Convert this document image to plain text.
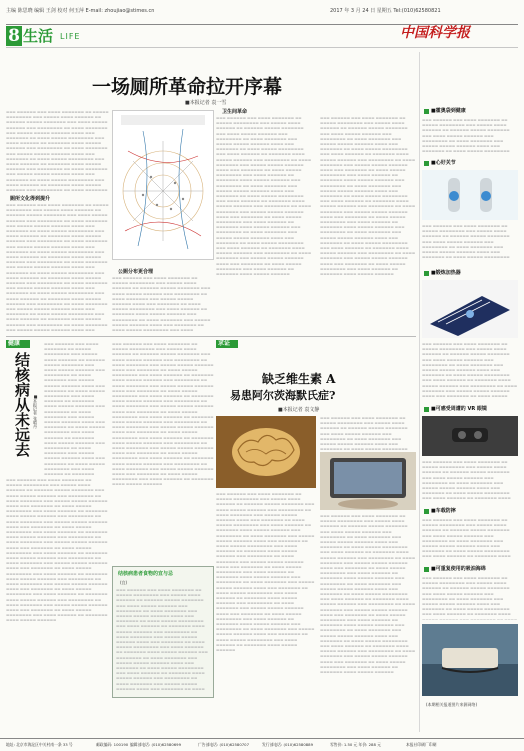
主编 陈思晓 编辑 王剑 校对 何玉萍 E-mail: zhoujiao@stimes.cn	2017 年 3 月 24 日 星期五 Tel:(010)62580821
8 生活 LIFE	中国科学报
一场厕所革命拉开序幕
■本报记者 袁一雪
▬▬▬ ▬▬▬▬▬▬ ▬▬▬ ▬▬▬▬ ▬▬▬▬▬▬▬ ▬▬ ▬▬▬▬▬ ▬▬▬▬▬▬▬▬ ▬▬▬ ▬▬▬▬▬ ▬▬▬▬ ▬▬▬▬▬▬ ▬▬ ▬▬▬▬▬▬ ▬▬▬▬▬ ▬▬▬▬▬▬▬ ▬▬▬ ▬▬▬▬ ▬▬▬▬▬ ▬▬▬▬▬▬ ▬▬▬ ▬▬▬▬▬▬▬▬ ▬▬ ▬▬▬▬ ▬▬▬▬▬▬▬ ▬▬▬ ▬▬▬▬▬ ▬▬▬▬▬ ▬▬▬▬▬▬ ▬▬▬▬ ▬▬▬ ▬▬▬▬▬▬▬ ▬▬ ▬▬▬▬ ▬▬▬▬▬ ▬▬▬▬▬▬▬▬ ▬▬▬ ▬▬▬▬ ▬▬▬▬▬▬ ▬▬ ▬▬▬▬▬▬▬ ▬▬▬▬ ▬▬▬▬▬ ▬▬▬▬▬▬ ▬▬▬ ▬▬▬▬▬▬▬▬ ▬▬ ▬▬▬▬ ▬▬▬▬▬▬▬ ▬▬▬ ▬▬▬▬▬ ▬▬▬▬▬ ▬▬▬▬▬▬ ▬▬▬▬ ▬▬▬ ▬▬▬▬▬▬▬ ▬▬ ▬▬▬▬ ▬▬▬▬▬ ▬▬▬▬▬▬▬▬ ▬▬▬ ▬▬▬▬ ▬▬▬▬▬▬ ▬▬ ▬▬▬▬▬▬▬ ▬▬▬▬ ▬▬▬▬▬ ▬▬▬▬▬▬ ▬▬▬ ▬▬▬▬▬▬▬▬ ▬▬ ▬▬▬▬ ▬▬▬▬▬▬▬ ▬▬▬ ▬▬▬▬▬ ▬▬▬▬▬ ▬▬▬▬▬▬ ▬▬▬▬ ▬▬▬ ▬▬▬▬▬▬▬ ▬▬ ▬▬▬▬ ▬▬▬▬▬ ▬▬▬▬▬▬▬▬ ▬▬▬ ▬▬▬▬ ▬▬▬▬▬▬ ▬▬ ▬▬▬▬▬▬▬ ▬▬▬▬ ▬▬▬▬▬ ▬▬▬▬▬▬ ▬▬▬ ▬▬▬▬▬▬▬▬ ▬▬ ▬▬▬▬ ▬▬▬▬▬▬▬ ▬▬▬ ▬▬▬▬▬ ▬▬▬▬▬ ▬▬▬▬▬▬ ▬▬▬▬ ▬▬▬ ▬▬▬▬▬▬▬ ▬▬ ▬▬▬▬ ▬▬▬▬▬ ▬▬▬▬▬▬▬▬ ▬▬▬ ▬▬▬▬ ▬▬▬▬▬▬ ▬▬ ▬▬▬▬▬▬▬ ▬▬▬▬ ▬▬▬▬▬ ▬▬▬▬▬▬ ▬▬▬ ▬▬▬▬▬▬▬▬ ▬▬ ▬▬▬▬ ▬▬▬▬▬▬▬ ▬▬▬ ▬▬▬▬▬ ▬▬▬▬▬ ▬▬▬▬▬▬ ▬▬▬▬ ▬▬▬ ▬▬▬▬▬▬▬ ▬▬ ▬▬▬▬ ▬▬▬▬▬ ▬▬▬▬▬▬▬▬ ▬▬▬ ▬▬▬▬ ▬▬▬▬▬▬ ▬▬ ▬▬▬▬▬▬▬ ▬▬▬▬ ▬▬▬▬▬ ▬▬▬▬▬▬ ▬▬▬ ▬▬▬▬▬▬▬▬ ▬▬ ▬▬▬▬ ▬▬▬▬▬▬▬ ▬▬▬ ▬▬▬▬▬ ▬▬▬▬▬ ▬▬▬▬▬▬ ▬▬▬▬ ▬▬▬ ▬▬▬▬▬▬▬ ▬▬ ▬▬▬▬ ▬▬▬▬▬ ▬▬▬▬▬▬▬▬ ▬▬▬ ▬▬▬▬ ▬▬▬▬▬▬ ▬▬ ▬▬▬▬▬▬▬ ▬▬▬▬ ▬▬▬▬▬ ▬▬▬▬▬▬
厕所文化得到提升
▬▬▬ ▬▬▬▬▬▬ ▬▬▬ ▬▬▬▬ ▬▬▬▬▬▬▬ ▬▬ ▬▬▬▬▬ ▬▬▬▬▬▬▬▬ ▬▬▬ ▬▬▬▬▬ ▬▬▬▬ ▬▬▬▬▬▬ ▬▬ ▬▬▬▬▬▬ ▬▬▬▬▬ ▬▬▬▬▬▬▬ ▬▬▬ ▬▬▬▬ ▬▬▬▬▬ ▬▬▬▬▬▬ ▬▬▬ ▬▬▬▬▬▬▬▬ ▬▬ ▬▬▬▬ ▬▬▬▬▬▬▬ ▬▬▬ ▬▬▬▬▬ ▬▬▬▬▬ ▬▬▬▬▬▬ ▬▬▬▬ ▬▬▬ ▬▬▬▬▬▬▬ ▬▬ ▬▬▬▬ ▬▬▬▬▬ ▬▬▬▬▬▬▬▬ ▬▬▬ ▬▬▬▬ ▬▬▬▬▬▬ ▬▬ ▬▬▬▬▬▬▬ ▬▬▬▬ ▬▬▬▬▬ ▬▬▬▬▬▬ ▬▬▬ ▬▬▬▬▬▬▬▬ ▬▬ ▬▬▬▬ ▬▬▬▬▬▬▬ ▬▬▬ ▬▬▬▬▬ ▬▬▬▬▬ ▬▬▬▬▬▬ ▬▬▬▬ ▬▬▬ ▬▬▬▬▬▬▬ ▬▬ ▬▬▬▬ ▬▬▬▬▬ ▬▬▬▬▬▬▬▬ ▬▬▬ ▬▬▬▬ ▬▬▬▬▬▬ ▬▬ ▬▬▬▬▬▬▬ ▬▬▬▬ ▬▬▬▬▬ ▬▬▬▬▬▬ ▬▬▬ ▬▬▬▬▬▬▬▬ ▬▬ ▬▬▬▬ ▬▬▬▬▬▬▬ ▬▬▬ ▬▬▬▬▬ ▬▬▬▬▬ ▬▬▬▬▬▬ ▬▬▬▬ ▬▬▬ ▬▬▬▬▬▬▬ ▬▬ ▬▬▬▬ ▬▬▬▬▬ ▬▬▬▬▬▬▬▬ ▬▬▬ ▬▬▬▬ ▬▬▬▬▬▬ ▬▬ ▬▬▬▬▬▬▬ ▬▬▬▬ ▬▬▬▬▬ ▬▬▬▬▬▬ ▬▬▬ ▬▬▬▬▬▬▬▬ ▬▬ ▬▬▬▬ ▬▬▬▬▬▬▬ ▬▬▬ ▬▬▬▬▬ ▬▬▬▬▬ ▬▬▬▬▬▬ ▬▬▬▬ ▬▬▬ ▬▬▬▬▬▬▬ ▬▬ ▬▬▬▬ ▬▬▬▬▬ ▬▬▬▬▬▬▬▬ ▬▬▬ ▬▬▬▬ ▬▬▬▬▬▬ ▬▬ ▬▬▬▬▬▬▬ ▬▬▬▬ ▬▬▬▬▬ ▬▬▬▬▬▬ ▬▬▬ ▬▬▬▬▬▬▬▬ ▬▬ ▬▬▬▬ ▬▬▬▬▬▬▬ ▬▬▬ ▬▬▬▬▬ ▬▬▬▬▬ ▬▬▬▬▬▬ ▬▬▬▬ ▬▬▬ ▬▬▬▬▬▬▬ ▬▬ ▬▬▬▬ ▬▬▬▬▬ ▬▬▬▬▬▬▬▬ ▬▬▬ ▬▬▬▬ ▬▬▬▬▬▬ ▬▬ ▬▬▬▬▬▬▬ ▬▬▬▬ ▬▬▬▬▬ ▬▬▬▬▬▬ ▬▬▬ ▬▬▬▬▬▬▬▬ ▬▬ ▬▬▬▬ ▬▬▬▬▬▬▬ ▬▬▬ ▬▬▬▬▬ ▬▬▬▬▬ ▬▬▬▬▬▬ ▬▬▬▬ ▬▬▬ ▬▬▬▬▬▬▬ ▬▬ ▬▬▬▬ ▬▬▬▬▬ ▬▬▬▬▬▬▬▬ ▬▬▬ ▬▬▬▬ ▬▬▬▬▬▬ ▬▬ ▬▬▬▬▬▬▬ ▬▬▬▬ ▬▬▬▬▬ ▬▬▬▬▬▬
公厕分布更合理
▬▬▬ ▬▬▬▬▬▬ ▬▬▬ ▬▬▬▬ ▬▬▬▬▬▬▬ ▬▬ ▬▬▬▬▬ ▬▬▬▬▬▬▬▬ ▬▬▬ ▬▬▬▬▬ ▬▬▬▬ ▬▬▬▬▬▬ ▬▬ ▬▬▬▬▬▬ ▬▬▬▬▬ ▬▬▬▬▬▬▬ ▬▬▬ ▬▬▬▬ ▬▬▬▬▬ ▬▬▬▬▬▬ ▬▬▬ ▬▬▬▬▬▬▬▬ ▬▬ ▬▬▬▬ ▬▬▬▬▬▬▬ ▬▬▬ ▬▬▬▬▬ ▬▬▬▬▬ ▬▬▬▬▬▬ ▬▬▬▬ ▬▬▬ ▬▬▬▬▬▬▬ ▬▬ ▬▬▬▬ ▬▬▬▬▬ ▬▬▬▬▬▬▬▬ ▬▬▬ ▬▬▬▬ ▬▬▬▬▬▬ ▬▬ ▬▬▬▬▬▬▬ ▬▬▬▬ ▬▬▬▬▬ ▬▬▬▬▬▬ ▬▬▬ ▬▬▬▬▬▬▬▬ ▬▬ ▬▬▬▬ ▬▬▬▬▬▬▬ ▬▬▬ ▬▬▬▬▬ ▬▬▬▬▬ ▬▬▬▬▬▬ ▬▬▬▬ ▬▬▬ ▬▬▬▬▬▬▬ ▬▬ ▬▬▬▬ ▬▬▬▬▬ ▬▬▬▬▬▬▬▬ ▬▬▬ ▬▬▬▬ ▬▬▬▬▬▬ ▬▬ ▬▬▬▬▬▬▬ ▬▬▬▬ ▬▬▬▬▬ ▬▬▬▬▬▬ ▬▬▬ ▬▬▬▬▬▬▬▬ ▬▬ ▬▬▬▬ ▬▬▬▬▬▬▬ ▬▬▬ ▬▬▬▬▬ ▬▬▬▬▬ ▬▬▬▬▬▬ ▬▬▬▬ ▬▬▬ ▬▬▬▬▬▬▬ ▬▬ ▬▬▬▬ ▬▬▬▬▬ ▬▬▬▬▬▬▬▬ ▬▬▬ ▬▬▬▬ ▬▬▬▬▬▬ ▬▬ ▬▬▬▬▬▬▬ ▬▬▬▬ ▬▬▬▬▬ ▬▬▬▬▬▬ ▬▬▬ ▬▬▬▬▬▬▬▬ ▬▬ ▬▬▬▬ ▬▬▬▬▬▬▬ ▬▬▬ ▬▬▬▬▬ ▬▬▬▬▬ ▬▬▬▬▬▬ ▬▬▬▬ ▬▬▬ ▬▬▬▬▬▬▬ ▬▬ ▬▬▬▬ ▬▬▬▬▬ ▬▬▬▬▬▬▬▬ ▬▬▬ ▬▬▬▬ ▬▬▬▬▬▬ ▬▬ ▬▬▬▬▬▬▬ ▬▬▬▬ ▬▬▬▬▬ ▬▬▬▬▬▬ ▬▬▬ ▬▬▬▬▬▬▬▬ ▬▬ ▬▬▬▬ ▬▬▬▬▬▬▬ ▬▬▬ ▬▬▬▬▬ ▬▬▬▬▬ ▬▬▬▬▬▬ ▬▬▬▬ ▬▬▬ ▬▬▬▬▬▬▬ ▬▬ ▬▬▬▬ ▬▬▬▬▬ ▬▬▬▬▬▬▬▬ ▬▬▬ ▬▬▬▬ ▬▬▬▬▬▬ ▬▬ ▬▬▬▬▬▬▬ ▬▬▬▬ ▬▬▬▬▬ ▬▬▬▬▬▬ ▬▬▬ ▬▬▬▬▬▬▬▬ ▬▬ ▬▬▬▬ ▬▬▬▬▬▬▬ ▬▬▬ ▬▬▬▬▬ ▬▬▬▬▬ ▬▬▬▬▬▬ ▬▬▬▬ ▬▬▬ ▬▬▬▬▬▬▬ ▬▬ ▬▬▬▬ ▬▬▬▬▬ ▬▬▬▬▬▬▬▬ ▬▬▬ ▬▬▬▬ ▬▬▬▬▬▬ ▬▬ ▬▬▬▬▬▬▬ ▬▬▬▬ ▬▬▬▬▬ ▬▬▬▬▬▬
卫生间革命
▬▬▬ ▬▬▬▬▬▬ ▬▬▬ ▬▬▬▬ ▬▬▬▬▬▬▬ ▬▬ ▬▬▬▬▬ ▬▬▬▬▬▬▬▬ ▬▬▬ ▬▬▬▬▬ ▬▬▬▬ ▬▬▬▬▬▬ ▬▬ ▬▬▬▬▬▬ ▬▬▬▬▬ ▬▬▬▬▬▬▬ ▬▬▬ ▬▬▬▬ ▬▬▬▬▬ ▬▬▬▬▬▬ ▬▬▬ ▬▬▬▬▬▬▬▬ ▬▬ ▬▬▬▬ ▬▬▬▬▬▬▬ ▬▬▬ ▬▬▬▬▬ ▬▬▬▬▬ ▬▬▬▬▬▬ ▬▬▬▬ ▬▬▬ ▬▬▬▬▬▬▬ ▬▬ ▬▬▬▬ ▬▬▬▬▬ ▬▬▬▬▬▬▬▬ ▬▬▬ ▬▬▬▬ ▬▬▬▬▬▬ ▬▬ ▬▬▬▬▬▬▬ ▬▬▬▬ ▬▬▬▬▬ ▬▬▬▬▬▬ ▬▬▬ ▬▬▬▬▬▬▬▬ ▬▬ ▬▬▬▬ ▬▬▬▬▬▬▬ ▬▬▬ ▬▬▬▬▬ ▬▬▬▬▬ ▬▬▬▬▬▬ ▬▬▬▬ ▬▬▬ ▬▬▬▬▬▬▬ ▬▬ ▬▬▬▬ ▬▬▬▬▬ ▬▬▬▬▬▬▬▬ ▬▬▬ ▬▬▬▬ ▬▬▬▬▬▬ ▬▬ ▬▬▬▬▬▬▬ ▬▬▬▬ ▬▬▬▬▬ ▬▬▬▬▬▬ ▬▬▬ ▬▬▬▬▬▬▬▬ ▬▬ ▬▬▬▬ ▬▬▬▬▬▬▬ ▬▬▬ ▬▬▬▬▬ ▬▬▬▬▬ ▬▬▬▬▬▬ ▬▬▬▬ ▬▬▬ ▬▬▬▬▬▬▬ ▬▬ ▬▬▬▬ ▬▬▬▬▬ ▬▬▬▬▬▬▬▬ ▬▬▬ ▬▬▬▬ ▬▬▬▬▬▬ ▬▬ ▬▬▬▬▬▬▬ ▬▬▬▬ ▬▬▬▬▬ ▬▬▬▬▬▬ ▬▬▬ ▬▬▬▬▬▬▬▬ ▬▬ ▬▬▬▬ ▬▬▬▬▬▬▬ ▬▬▬ ▬▬▬▬▬ ▬▬▬▬▬ ▬▬▬▬▬▬ ▬▬▬▬ ▬▬▬ ▬▬▬▬▬▬▬ ▬▬ ▬▬▬▬ ▬▬▬▬▬ ▬▬▬▬▬▬▬▬ ▬▬▬ ▬▬▬▬ ▬▬▬▬▬▬ ▬▬ ▬▬▬▬▬▬▬ ▬▬▬▬ ▬▬▬▬▬ ▬▬▬▬▬▬ ▬▬▬ ▬▬▬▬▬▬▬▬ ▬▬ ▬▬▬▬ ▬▬▬▬▬▬▬ ▬▬▬ ▬▬▬▬▬ ▬▬▬▬▬ ▬▬▬▬▬▬ ▬▬▬▬ ▬▬▬ ▬▬▬▬▬▬▬ ▬▬ ▬▬▬▬ ▬▬▬▬▬ ▬▬▬▬▬▬▬▬ ▬▬▬ ▬▬▬▬ ▬▬▬▬▬▬ ▬▬ ▬▬▬▬▬▬▬ ▬▬▬▬ ▬▬▬▬▬ ▬▬▬▬▬▬ ▬▬▬ ▬▬▬▬▬▬▬▬ ▬▬ ▬▬▬▬ ▬▬▬▬▬▬▬ ▬▬▬ ▬▬▬▬▬ ▬▬▬▬▬ ▬▬▬▬▬▬ ▬▬▬▬ ▬▬▬ ▬▬▬▬▬▬▬ ▬▬ ▬▬▬▬ ▬▬▬▬▬ ▬▬▬▬▬▬▬▬ ▬▬▬ ▬▬▬▬ ▬▬▬▬▬▬ ▬▬ ▬▬▬▬▬▬▬ ▬▬▬▬ ▬▬▬▬▬ ▬▬▬▬▬▬
▬▬▬ ▬▬▬▬▬▬ ▬▬▬ ▬▬▬▬ ▬▬▬▬▬▬▬ ▬▬ ▬▬▬▬▬ ▬▬▬▬▬▬▬▬ ▬▬▬ ▬▬▬▬▬ ▬▬▬▬ ▬▬▬▬▬▬ ▬▬ ▬▬▬▬▬▬ ▬▬▬▬▬ ▬▬▬▬▬▬▬ ▬▬▬ ▬▬▬▬ ▬▬▬▬▬ ▬▬▬▬▬▬ ▬▬▬ ▬▬▬▬▬▬▬▬ ▬▬ ▬▬▬▬ ▬▬▬▬▬▬▬ ▬▬▬ ▬▬▬▬▬ ▬▬▬▬▬ ▬▬▬▬▬▬ ▬▬▬▬ ▬▬▬ ▬▬▬▬▬▬▬ ▬▬ ▬▬▬▬ ▬▬▬▬▬ ▬▬▬▬▬▬▬▬ ▬▬▬ ▬▬▬▬ ▬▬▬▬▬▬ ▬▬ ▬▬▬▬▬▬▬ ▬▬▬▬ ▬▬▬▬▬ ▬▬▬▬▬▬ ▬▬▬ ▬▬▬▬▬▬▬▬ ▬▬ ▬▬▬▬ ▬▬▬▬▬▬▬ ▬▬▬ ▬▬▬▬▬ ▬▬▬▬▬ ▬▬▬▬▬▬ ▬▬▬▬ ▬▬▬ ▬▬▬▬▬▬▬ ▬▬ ▬▬▬▬ ▬▬▬▬▬ ▬▬▬▬▬▬▬▬ ▬▬▬ ▬▬▬▬ ▬▬▬▬▬▬ ▬▬ ▬▬▬▬▬▬▬ ▬▬▬▬ ▬▬▬▬▬ ▬▬▬▬▬▬ ▬▬▬ ▬▬▬▬▬▬▬▬ ▬▬ ▬▬▬▬ ▬▬▬▬▬▬▬ ▬▬▬ ▬▬▬▬▬ ▬▬▬▬▬ ▬▬▬▬▬▬ ▬▬▬▬ ▬▬▬ ▬▬▬▬▬▬▬ ▬▬ ▬▬▬▬ ▬▬▬▬▬ ▬▬▬▬▬▬▬▬ ▬▬▬ ▬▬▬▬ ▬▬▬▬▬▬ ▬▬ ▬▬▬▬▬▬▬ ▬▬▬▬ ▬▬▬▬▬ ▬▬▬▬▬▬ ▬▬▬ ▬▬▬▬▬▬▬▬ ▬▬ ▬▬▬▬ ▬▬▬▬▬▬▬ ▬▬▬ ▬▬▬▬▬ ▬▬▬▬▬ ▬▬▬▬▬▬ ▬▬▬▬ ▬▬▬ ▬▬▬▬▬▬▬ ▬▬ ▬▬▬▬ ▬▬▬▬▬ ▬▬▬▬▬▬▬▬ ▬▬▬ ▬▬▬▬ ▬▬▬▬▬▬ ▬▬ ▬▬▬▬▬▬▬ ▬▬▬▬ ▬▬▬▬▬ ▬▬▬▬▬▬ ▬▬▬ ▬▬▬▬▬▬▬▬ ▬▬ ▬▬▬▬ ▬▬▬▬▬▬▬ ▬▬▬ ▬▬▬▬▬ ▬▬▬▬▬ ▬▬▬▬▬▬ ▬▬▬▬ ▬▬▬ ▬▬▬▬▬▬▬ ▬▬ ▬▬▬▬ ▬▬▬▬▬ ▬▬▬▬▬▬▬▬ ▬▬▬ ▬▬▬▬ ▬▬▬▬▬▬ ▬▬ ▬▬▬▬▬▬▬ ▬▬▬▬ ▬▬▬▬▬ ▬▬▬▬▬▬ ▬▬▬ ▬▬▬▬▬▬▬▬ ▬▬ ▬▬▬▬ ▬▬▬▬▬▬▬ ▬▬▬ ▬▬▬▬▬ ▬▬▬▬▬ ▬▬▬▬▬▬ ▬▬▬▬ ▬▬▬ ▬▬▬▬▬▬▬ ▬▬ ▬▬▬▬ ▬▬▬▬▬ ▬▬▬▬▬▬▬▬ ▬▬▬ ▬▬▬▬ ▬▬▬▬▬▬ ▬▬ ▬▬▬▬▬▬▬ ▬▬▬▬ ▬▬▬▬▬ ▬▬▬▬▬▬
健康
结核病从未远去 ■本报记者 张晴丹
▬▬▬ ▬▬▬▬▬▬ ▬▬▬ ▬▬▬▬ ▬▬▬▬▬▬▬ ▬▬ ▬▬▬▬▬ ▬▬▬▬▬▬▬▬ ▬▬▬ ▬▬▬▬▬ ▬▬▬▬ ▬▬▬▬▬▬ ▬▬ ▬▬▬▬▬▬ ▬▬▬▬▬ ▬▬▬▬▬▬▬ ▬▬▬ ▬▬▬▬ ▬▬▬▬▬ ▬▬▬▬▬▬ ▬▬▬ ▬▬▬▬▬▬▬▬ ▬▬ ▬▬▬▬ ▬▬▬▬▬▬▬ ▬▬▬ ▬▬▬▬▬ ▬▬▬▬▬ ▬▬▬▬▬▬ ▬▬▬▬ ▬▬▬ ▬▬▬▬▬▬▬ ▬▬ ▬▬▬▬ ▬▬▬▬▬ ▬▬▬▬▬▬▬▬ ▬▬▬ ▬▬▬▬ ▬▬▬▬▬▬ ▬▬ ▬▬▬▬▬▬▬ ▬▬▬▬ ▬▬▬▬▬ ▬▬▬▬▬▬ ▬▬▬ ▬▬▬▬▬▬▬▬ ▬▬ ▬▬▬▬ ▬▬▬▬▬▬▬ ▬▬▬ ▬▬▬▬▬ ▬▬▬▬▬ ▬▬▬▬▬▬ ▬▬▬▬ ▬▬▬ ▬▬▬▬▬▬▬ ▬▬ ▬▬▬▬ ▬▬▬▬▬ ▬▬▬▬▬▬▬▬ ▬▬▬ ▬▬▬▬ ▬▬▬▬▬▬ ▬▬ ▬▬▬▬▬▬▬ ▬▬▬▬ ▬▬▬▬▬ ▬▬▬▬▬▬ ▬▬▬ ▬▬▬▬▬▬▬▬ ▬▬ ▬▬▬▬ ▬▬▬▬▬▬▬ ▬▬▬ ▬▬▬▬▬ ▬▬▬▬▬ ▬▬▬▬▬▬ ▬▬▬▬ ▬▬▬ ▬▬▬▬▬▬▬ ▬▬ ▬▬▬▬ ▬▬▬▬▬ ▬▬▬▬▬▬▬▬ ▬▬▬ ▬▬▬▬ ▬▬▬▬▬▬ ▬▬ ▬▬▬▬▬▬▬ ▬▬▬▬ ▬▬▬▬▬ ▬▬▬▬▬▬ ▬▬▬ ▬▬▬▬▬▬▬▬ ▬▬ ▬▬▬▬ ▬▬▬▬▬▬▬ ▬▬▬ ▬▬▬▬▬ ▬▬▬▬▬ ▬▬▬▬▬▬ ▬▬▬▬ ▬▬▬ ▬▬▬▬▬▬▬ ▬▬ ▬▬▬▬ ▬▬▬▬▬ ▬▬▬▬▬▬▬▬ ▬▬▬ ▬▬▬▬ ▬▬▬▬▬▬ ▬▬ ▬▬▬▬▬▬▬ ▬▬▬▬ ▬▬▬▬▬ ▬▬▬▬▬▬ ▬▬▬ ▬▬▬▬▬▬▬▬ ▬▬ ▬▬▬▬ ▬▬▬▬▬▬▬ ▬▬▬ ▬▬▬▬▬ ▬▬▬▬▬ ▬▬▬▬▬▬ ▬▬▬▬ ▬▬▬ ▬▬▬▬▬▬▬ ▬▬ ▬▬▬▬ ▬▬▬▬▬ ▬▬▬▬▬▬▬▬ ▬▬▬ ▬▬▬▬ ▬▬▬▬▬▬ ▬▬ ▬▬▬▬▬▬▬ ▬▬▬▬ ▬▬▬▬▬ ▬▬▬▬▬▬ ▬▬▬ ▬▬▬▬▬▬▬▬ ▬▬ ▬▬▬▬ ▬▬▬▬▬▬▬ ▬▬▬ ▬▬▬▬▬ ▬▬▬▬▬ ▬▬▬▬▬▬ ▬▬▬▬ ▬▬▬ ▬▬▬▬▬▬▬ ▬▬ ▬▬▬▬ ▬▬▬▬▬ ▬▬▬▬▬▬▬▬ ▬▬▬ ▬▬▬▬ ▬▬▬▬▬▬ ▬▬ ▬▬▬▬▬▬▬ ▬▬▬▬ ▬▬▬▬▬ ▬▬▬▬▬▬
▬▬▬ ▬▬▬▬▬▬ ▬▬▬ ▬▬▬▬ ▬▬▬▬▬▬▬ ▬▬ ▬▬▬▬▬ ▬▬▬▬▬▬▬▬ ▬▬▬ ▬▬▬▬▬ ▬▬▬▬ ▬▬▬▬▬▬ ▬▬ ▬▬▬▬▬▬ ▬▬▬▬▬ ▬▬▬▬▬▬▬ ▬▬▬ ▬▬▬▬ ▬▬▬▬▬ ▬▬▬▬▬▬ ▬▬▬ ▬▬▬▬▬▬▬▬ ▬▬ ▬▬▬▬ ▬▬▬▬▬▬▬ ▬▬▬ ▬▬▬▬▬ ▬▬▬▬▬ ▬▬▬▬▬▬ ▬▬▬▬ ▬▬▬ ▬▬▬▬▬▬▬ ▬▬ ▬▬▬▬ ▬▬▬▬▬ ▬▬▬▬▬▬▬▬ ▬▬▬ ▬▬▬▬ ▬▬▬▬▬▬ ▬▬ ▬▬▬▬▬▬▬ ▬▬▬▬ ▬▬▬▬▬ ▬▬▬▬▬▬ ▬▬▬ ▬▬▬▬▬▬▬▬ ▬▬ ▬▬▬▬ ▬▬▬▬▬▬▬ ▬▬▬ ▬▬▬▬▬ ▬▬▬▬▬ ▬▬▬▬▬▬ ▬▬▬▬ ▬▬▬ ▬▬▬▬▬▬▬ ▬▬ ▬▬▬▬ ▬▬▬▬▬ ▬▬▬▬▬▬▬▬ ▬▬▬ ▬▬▬▬ ▬▬▬▬▬▬ ▬▬ ▬▬▬▬▬▬▬ ▬▬▬▬ ▬▬▬▬▬ ▬▬▬▬▬▬ ▬▬▬ ▬▬▬▬▬▬▬▬ ▬▬ ▬▬▬▬ ▬▬▬▬▬▬▬ ▬▬▬ ▬▬▬▬▬ ▬▬▬▬▬ ▬▬▬▬▬▬ ▬▬▬▬ ▬▬▬ ▬▬▬▬▬▬▬ ▬▬ ▬▬▬▬ ▬▬▬▬▬ ▬▬▬▬▬▬▬▬ ▬▬▬ ▬▬▬▬ ▬▬▬▬▬▬ ▬▬ ▬▬▬▬▬▬▬ ▬▬▬▬ ▬▬▬▬▬ ▬▬▬▬▬▬ ▬▬▬ ▬▬▬▬▬▬▬▬ ▬▬ ▬▬▬▬ ▬▬▬▬▬▬▬ ▬▬▬ ▬▬▬▬▬ ▬▬▬▬▬ ▬▬▬▬▬▬ ▬▬▬▬ ▬▬▬ ▬▬▬▬▬▬▬ ▬▬ ▬▬▬▬ ▬▬▬▬▬ ▬▬▬▬▬▬▬▬ ▬▬▬ ▬▬▬▬ ▬▬▬▬▬▬ ▬▬ ▬▬▬▬▬▬▬ ▬▬▬▬ ▬▬▬▬▬ ▬▬▬▬▬▬ ▬▬▬ ▬▬▬▬▬▬▬▬ ▬▬ ▬▬▬▬ ▬▬▬▬▬▬▬ ▬▬▬ ▬▬▬▬▬ ▬▬▬▬▬ ▬▬▬▬▬▬ ▬▬▬▬ ▬▬▬ ▬▬▬▬▬▬▬ ▬▬ ▬▬▬▬ ▬▬▬▬▬ ▬▬▬▬▬▬▬▬ ▬▬▬ ▬▬▬▬ ▬▬▬▬▬▬ ▬▬ ▬▬▬▬▬▬▬ ▬▬▬▬ ▬▬▬▬▬ ▬▬▬▬▬▬ ▬▬▬ ▬▬▬▬▬▬▬▬ ▬▬ ▬▬▬▬ ▬▬▬▬▬▬▬ ▬▬▬ ▬▬▬▬▬ ▬▬▬▬▬ ▬▬▬▬▬▬ ▬▬▬▬ ▬▬▬ ▬▬▬▬▬▬▬ ▬▬ ▬▬▬▬ ▬▬▬▬▬ ▬▬▬▬▬▬▬▬ ▬▬▬ ▬▬▬▬ ▬▬▬▬▬▬ ▬▬ ▬▬▬▬▬▬▬ ▬▬▬▬ ▬▬▬▬▬ ▬▬▬▬▬▬
▬▬▬ ▬▬▬▬▬▬ ▬▬▬ ▬▬▬▬ ▬▬▬▬▬▬▬ ▬▬ ▬▬▬▬▬ ▬▬▬▬▬▬▬▬ ▬▬▬ ▬▬▬▬▬ ▬▬▬▬ ▬▬▬▬▬▬ ▬▬ ▬▬▬▬▬▬ ▬▬▬▬▬ ▬▬▬▬▬▬▬ ▬▬▬ ▬▬▬▬ ▬▬▬▬▬ ▬▬▬▬▬▬ ▬▬▬ ▬▬▬▬▬▬▬▬ ▬▬ ▬▬▬▬ ▬▬▬▬▬▬▬ ▬▬▬ ▬▬▬▬▬ ▬▬▬▬▬ ▬▬▬▬▬▬ ▬▬▬▬ ▬▬▬ ▬▬▬▬▬▬▬ ▬▬ ▬▬▬▬ ▬▬▬▬▬ ▬▬▬▬▬▬▬▬ ▬▬▬ ▬▬▬▬ ▬▬▬▬▬▬ ▬▬ ▬▬▬▬▬▬▬ ▬▬▬▬ ▬▬▬▬▬ ▬▬▬▬▬▬ ▬▬▬ ▬▬▬▬▬▬▬▬ ▬▬ ▬▬▬▬ ▬▬▬▬▬▬▬ ▬▬▬ ▬▬▬▬▬ ▬▬▬▬▬ ▬▬▬▬▬▬ ▬▬▬▬ ▬▬▬ ▬▬▬▬▬▬▬ ▬▬ ▬▬▬▬ ▬▬▬▬▬ ▬▬▬▬▬▬▬▬ ▬▬▬ ▬▬▬▬ ▬▬▬▬▬▬ ▬▬ ▬▬▬▬▬▬▬ ▬▬▬▬ ▬▬▬▬▬ ▬▬▬▬▬▬ ▬▬▬ ▬▬▬▬▬▬▬▬ ▬▬ ▬▬▬▬ ▬▬▬▬▬▬▬ ▬▬▬ ▬▬▬▬▬ ▬▬▬▬▬ ▬▬▬▬▬▬ ▬▬▬▬ ▬▬▬ ▬▬▬▬▬▬▬ ▬▬ ▬▬▬▬ ▬▬▬▬▬ ▬▬▬▬▬▬▬▬ ▬▬▬ ▬▬▬▬ ▬▬▬▬▬▬ ▬▬ ▬▬▬▬▬▬▬ ▬▬▬▬ ▬▬▬▬▬ ▬▬▬▬▬▬ ▬▬▬ ▬▬▬▬▬▬▬▬ ▬▬ ▬▬▬▬ ▬▬▬▬▬▬▬ ▬▬▬ ▬▬▬▬▬ ▬▬▬▬▬ ▬▬▬▬▬▬ ▬▬▬▬ ▬▬▬ ▬▬▬▬▬▬▬ ▬▬ ▬▬▬▬ ▬▬▬▬▬ ▬▬▬▬▬▬▬▬ ▬▬▬ ▬▬▬▬ ▬▬▬▬▬▬ ▬▬ ▬▬▬▬▬▬▬ ▬▬▬▬ ▬▬▬▬▬ ▬▬▬▬▬▬ ▬▬▬ ▬▬▬▬▬▬▬▬ ▬▬ ▬▬▬▬ ▬▬▬▬▬▬▬ ▬▬▬ ▬▬▬▬▬ ▬▬▬▬▬ ▬▬▬▬▬▬ ▬▬▬▬ ▬▬▬ ▬▬▬▬▬▬▬ ▬▬ ▬▬▬▬ ▬▬▬▬▬ ▬▬▬▬▬▬▬▬ ▬▬▬ ▬▬▬▬ ▬▬▬▬▬▬ ▬▬ ▬▬▬▬▬▬▬ ▬▬▬▬ ▬▬▬▬▬ ▬▬▬▬▬▬ ▬▬▬ ▬▬▬▬▬▬▬▬ ▬▬ ▬▬▬▬ ▬▬▬▬▬▬▬ ▬▬▬ ▬▬▬▬▬ ▬▬▬▬▬ ▬▬▬▬▬▬ ▬▬▬▬ ▬▬▬ ▬▬▬▬▬▬▬ ▬▬ ▬▬▬▬ ▬▬▬▬▬ ▬▬▬▬▬▬▬▬ ▬▬▬ ▬▬▬▬ ▬▬▬▬▬▬ ▬▬ ▬▬▬▬▬▬▬ ▬▬▬▬ ▬▬▬▬▬ ▬▬▬▬▬▬
结核病患者食物的宜与忌
(宜)
▬▬▬ ▬▬▬▬▬▬ ▬▬▬ ▬▬▬▬ ▬▬▬▬▬▬▬ ▬▬ ▬▬▬▬▬ ▬▬▬▬▬▬▬▬ ▬▬▬ ▬▬▬▬▬ ▬▬▬▬ ▬▬▬▬▬▬ ▬▬ ▬▬▬▬▬▬ ▬▬▬▬▬ ▬▬▬▬▬▬▬ ▬▬▬ ▬▬▬▬ ▬▬▬▬▬ ▬▬▬▬▬▬ ▬▬▬ ▬▬▬▬▬▬▬▬ ▬▬ ▬▬▬▬ ▬▬▬▬▬▬▬ ▬▬▬ ▬▬▬▬▬ ▬▬▬▬▬ ▬▬▬▬▬▬ ▬▬▬▬ ▬▬▬ ▬▬▬▬▬▬▬ ▬▬ ▬▬▬▬ ▬▬▬▬▬ ▬▬▬▬▬▬▬▬ ▬▬▬ ▬▬▬▬ ▬▬▬▬▬▬ ▬▬ ▬▬▬▬▬▬▬ ▬▬▬▬ ▬▬▬▬▬ ▬▬▬▬▬▬ ▬▬▬ ▬▬▬▬▬▬▬▬ ▬▬ ▬▬▬▬ ▬▬▬▬▬▬▬ ▬▬▬ ▬▬▬▬▬ ▬▬▬▬▬ ▬▬▬▬▬▬ ▬▬▬▬ ▬▬▬ ▬▬▬▬▬▬▬ ▬▬ ▬▬▬▬ ▬▬▬▬▬ ▬▬▬▬▬▬▬▬ ▬▬▬ ▬▬▬▬ ▬▬▬▬▬▬ ▬▬ ▬▬▬▬▬▬▬ ▬▬▬▬ ▬▬▬▬▬ ▬▬▬▬▬▬ ▬▬▬ ▬▬▬▬▬▬▬▬ ▬▬ ▬▬▬▬ ▬▬▬▬▬▬▬ ▬▬▬ ▬▬▬▬▬ ▬▬▬▬▬ ▬▬▬▬▬▬ ▬▬▬▬ ▬▬▬ ▬▬▬▬▬▬▬ ▬▬ ▬▬▬▬ ▬▬▬▬▬ ▬▬▬▬▬▬▬▬ ▬▬▬ ▬▬▬▬ ▬▬▬▬▬▬ ▬▬ ▬▬▬▬▬▬▬ ▬▬▬▬ ▬▬▬▬▬ ▬▬▬▬▬▬ ▬▬▬ ▬▬▬▬▬▬▬▬ ▬▬ ▬▬▬▬ ▬▬▬▬▬▬▬ ▬▬▬ ▬▬▬▬▬ ▬▬▬▬▬ ▬▬▬▬▬▬ ▬▬▬▬ ▬▬▬ ▬▬▬▬▬▬▬ ▬▬ ▬▬▬▬ ▬▬▬▬▬ ▬▬▬▬▬▬▬▬ ▬▬▬ ▬▬▬▬ ▬▬▬▬▬▬ ▬▬ ▬▬▬▬▬▬▬ ▬▬▬▬ ▬▬▬▬▬ ▬▬▬▬▬▬ ▬▬▬ ▬▬▬▬▬▬▬▬ ▬▬ ▬▬▬▬ ▬▬▬▬▬▬▬ ▬▬▬ ▬▬▬▬▬ ▬▬▬▬▬ ▬▬▬▬▬▬ ▬▬▬▬ ▬▬▬ ▬▬▬▬▬▬▬ ▬▬ ▬▬▬▬ ▬▬▬▬▬ ▬▬▬▬▬▬▬▬ ▬▬▬ ▬▬▬▬ ▬▬▬▬▬▬ ▬▬ ▬▬▬▬▬▬▬ ▬▬▬▬ ▬▬▬▬▬ ▬▬▬▬▬▬ ▬▬▬ ▬▬▬▬▬▬▬▬ ▬▬ ▬▬▬▬ ▬▬▬▬▬▬▬ ▬▬▬ ▬▬▬▬▬ ▬▬▬▬▬ ▬▬▬▬▬▬ ▬▬▬▬ ▬▬▬ ▬▬▬▬▬▬▬ ▬▬ ▬▬▬▬ ▬▬▬▬▬ ▬▬▬▬▬▬▬▬ ▬▬▬ ▬▬▬▬ ▬▬▬▬▬▬ ▬▬ ▬▬▬▬▬▬▬ ▬▬▬▬ ▬▬▬▬▬ ▬▬▬▬▬▬
求证
缺乏维生素 A
易患阿尔茨海默氏症?
■本报记者 袁文静
▬▬▬ ▬▬▬▬▬▬ ▬▬▬ ▬▬▬▬ ▬▬▬▬▬▬▬ ▬▬ ▬▬▬▬▬ ▬▬▬▬▬▬▬▬ ▬▬▬ ▬▬▬▬▬ ▬▬▬▬ ▬▬▬▬▬▬ ▬▬ ▬▬▬▬▬▬ ▬▬▬▬▬ ▬▬▬▬▬▬▬ ▬▬▬ ▬▬▬▬ ▬▬▬▬▬ ▬▬▬▬▬▬ ▬▬▬ ▬▬▬▬▬▬▬▬ ▬▬ ▬▬▬▬ ▬▬▬▬▬▬▬ ▬▬▬ ▬▬▬▬▬ ▬▬▬▬▬ ▬▬▬▬▬▬ ▬▬▬▬ ▬▬▬ ▬▬▬▬▬▬▬ ▬▬ ▬▬▬▬ ▬▬▬▬▬ ▬▬▬▬▬▬▬▬ ▬▬▬ ▬▬▬▬ ▬▬▬▬▬▬ ▬▬ ▬▬▬▬▬▬▬ ▬▬▬▬ ▬▬▬▬▬ ▬▬▬▬▬▬ ▬▬▬ ▬▬▬▬▬▬▬▬ ▬▬ ▬▬▬▬ ▬▬▬▬▬▬▬ ▬▬▬ ▬▬▬▬▬ ▬▬▬▬▬ ▬▬▬▬▬▬ ▬▬▬▬ ▬▬▬ ▬▬▬▬▬▬▬ ▬▬ ▬▬▬▬ ▬▬▬▬▬ ▬▬▬▬▬▬▬▬ ▬▬▬ ▬▬▬▬ ▬▬▬▬▬▬ ▬▬ ▬▬▬▬▬▬▬ ▬▬▬▬ ▬▬▬▬▬ ▬▬▬▬▬▬ ▬▬▬ ▬▬▬▬▬▬▬▬ ▬▬ ▬▬▬▬ ▬▬▬▬▬▬▬ ▬▬▬ ▬▬▬▬▬ ▬▬▬▬▬ ▬▬▬▬▬▬ ▬▬▬▬ ▬▬▬ ▬▬▬▬▬▬▬ ▬▬ ▬▬▬▬ ▬▬▬▬▬ ▬▬▬▬▬▬▬▬ ▬▬▬ ▬▬▬▬ ▬▬▬▬▬▬ ▬▬ ▬▬▬▬▬▬▬ ▬▬▬▬ ▬▬▬▬▬ ▬▬▬▬▬▬ ▬▬▬ ▬▬▬▬▬▬▬▬ ▬▬ ▬▬▬▬ ▬▬▬▬▬▬▬ ▬▬▬ ▬▬▬▬▬ ▬▬▬▬▬ ▬▬▬▬▬▬ ▬▬▬▬ ▬▬▬ ▬▬▬▬▬▬▬ ▬▬ ▬▬▬▬ ▬▬▬▬▬ ▬▬▬▬▬▬▬▬ ▬▬▬ ▬▬▬▬ ▬▬▬▬▬▬ ▬▬ ▬▬▬▬▬▬▬ ▬▬▬▬ ▬▬▬▬▬ ▬▬▬▬▬▬ ▬▬▬ ▬▬▬▬▬▬▬▬ ▬▬ ▬▬▬▬ ▬▬▬▬▬▬▬ ▬▬▬ ▬▬▬▬▬ ▬▬▬▬▬ ▬▬▬▬▬▬ ▬▬▬▬ ▬▬▬ ▬▬▬▬▬▬▬ ▬▬ ▬▬▬▬ ▬▬▬▬▬ ▬▬▬▬▬▬▬▬ ▬▬▬ ▬▬▬▬ ▬▬▬▬▬▬ ▬▬ ▬▬▬▬▬▬▬ ▬▬▬▬ ▬▬▬▬▬ ▬▬▬▬▬▬ ▬▬▬ ▬▬▬▬▬▬▬▬ ▬▬ ▬▬▬▬ ▬▬▬▬▬▬▬ ▬▬▬ ▬▬▬▬▬ ▬▬▬▬▬ ▬▬▬▬▬▬ ▬▬▬▬ ▬▬▬ ▬▬▬▬▬▬▬ ▬▬ ▬▬▬▬ ▬▬▬▬▬ ▬▬▬▬▬▬▬▬ ▬▬▬ ▬▬▬▬ ▬▬▬▬▬▬ ▬▬ ▬▬▬▬▬▬▬ ▬▬▬▬ ▬▬▬▬▬ ▬▬▬▬▬▬
▬▬▬ ▬▬▬▬▬▬ ▬▬▬ ▬▬▬▬ ▬▬▬▬▬▬▬ ▬▬ ▬▬▬▬▬ ▬▬▬▬▬▬▬▬ ▬▬▬ ▬▬▬▬▬ ▬▬▬▬ ▬▬▬▬▬▬ ▬▬ ▬▬▬▬▬▬ ▬▬▬▬▬ ▬▬▬▬▬▬▬ ▬▬▬ ▬▬▬▬ ▬▬▬▬▬ ▬▬▬▬▬▬ ▬▬▬ ▬▬▬▬▬▬▬▬ ▬▬ ▬▬▬▬ ▬▬▬▬▬▬▬ ▬▬▬ ▬▬▬▬▬ ▬▬▬▬▬ ▬▬▬▬▬▬ ▬▬▬▬ ▬▬▬ ▬▬▬▬▬▬▬ ▬▬ ▬▬▬▬ ▬▬▬▬▬ ▬▬▬▬▬▬▬▬ ▬▬▬ ▬▬▬▬ ▬▬▬▬▬▬ ▬▬ ▬▬▬▬▬▬▬ ▬▬▬▬ ▬▬▬▬▬ ▬▬▬▬▬▬ ▬▬▬ ▬▬▬▬▬▬▬▬ ▬▬ ▬▬▬▬ ▬▬▬▬▬▬▬ ▬▬▬ ▬▬▬▬▬ ▬▬▬▬▬ ▬▬▬▬▬▬ ▬▬▬▬ ▬▬▬ ▬▬▬▬▬▬▬ ▬▬ ▬▬▬▬ ▬▬▬▬▬ ▬▬▬▬▬▬▬▬ ▬▬▬ ▬▬▬▬ ▬▬▬▬▬▬ ▬▬ ▬▬▬▬▬▬▬ ▬▬▬▬ ▬▬▬▬▬ ▬▬▬▬▬▬ ▬▬▬ ▬▬▬▬▬▬▬▬ ▬▬ ▬▬▬▬ ▬▬▬▬▬▬▬ ▬▬▬ ▬▬▬▬▬ ▬▬▬▬▬ ▬▬▬▬▬▬ ▬▬▬▬ ▬▬▬ ▬▬▬▬▬▬▬ ▬▬ ▬▬▬▬ ▬▬▬▬▬ ▬▬▬▬▬▬▬▬ ▬▬▬ ▬▬▬▬ ▬▬▬▬▬▬ ▬▬ ▬▬▬▬▬▬▬ ▬▬▬▬ ▬▬▬▬▬ ▬▬▬▬▬▬ ▬▬▬ ▬▬▬▬▬▬▬▬ ▬▬ ▬▬▬▬ ▬▬▬▬▬▬▬ ▬▬▬ ▬▬▬▬▬ ▬▬▬▬▬ ▬▬▬▬▬▬ ▬▬▬▬ ▬▬▬ ▬▬▬▬▬▬▬ ▬▬ ▬▬▬▬ ▬▬▬▬▬ ▬▬▬▬▬▬▬▬ ▬▬▬ ▬▬▬▬ ▬▬▬▬▬▬ ▬▬ ▬▬▬▬▬▬▬ ▬▬▬▬ ▬▬▬▬▬ ▬▬▬▬▬▬ ▬▬▬ ▬▬▬▬▬▬▬▬ ▬▬ ▬▬▬▬ ▬▬▬▬▬▬▬ ▬▬▬ ▬▬▬▬▬ ▬▬▬▬▬ ▬▬▬▬▬▬ ▬▬▬▬ ▬▬▬ ▬▬▬▬▬▬▬ ▬▬ ▬▬▬▬ ▬▬▬▬▬ ▬▬▬▬▬▬▬▬ ▬▬▬ ▬▬▬▬ ▬▬▬▬▬▬ ▬▬ ▬▬▬▬▬▬▬ ▬▬▬▬ ▬▬▬▬▬ ▬▬▬▬▬▬ ▬▬▬ ▬▬▬▬▬▬▬▬ ▬▬ ▬▬▬▬ ▬▬▬▬▬▬▬ ▬▬▬ ▬▬▬▬▬ ▬▬▬▬▬ ▬▬▬▬▬▬ ▬▬▬▬ ▬▬▬ ▬▬▬▬▬▬▬ ▬▬ ▬▬▬▬ ▬▬▬▬▬ ▬▬▬▬▬▬▬▬ ▬▬▬ ▬▬▬▬ ▬▬▬▬▬▬ ▬▬ ▬▬▬▬▬▬▬ ▬▬▬▬ ▬▬▬▬▬ ▬▬▬▬▬▬
▬▬▬ ▬▬▬▬▬▬ ▬▬▬ ▬▬▬▬ ▬▬▬▬▬▬▬ ▬▬ ▬▬▬▬▬ ▬▬▬▬▬▬▬▬ ▬▬▬ ▬▬▬▬▬ ▬▬▬▬ ▬▬▬▬▬▬ ▬▬ ▬▬▬▬▬▬ ▬▬▬▬▬ ▬▬▬▬▬▬▬ ▬▬▬ ▬▬▬▬ ▬▬▬▬▬ ▬▬▬▬▬▬ ▬▬▬ ▬▬▬▬▬▬▬▬ ▬▬ ▬▬▬▬ ▬▬▬▬▬▬▬ ▬▬▬ ▬▬▬▬▬ ▬▬▬▬▬ ▬▬▬▬▬▬ ▬▬▬▬ ▬▬▬ ▬▬▬▬▬▬▬ ▬▬ ▬▬▬▬ ▬▬▬▬▬ ▬▬▬▬▬▬▬▬ ▬▬▬ ▬▬▬▬ ▬▬▬▬▬▬ ▬▬ ▬▬▬▬▬▬▬ ▬▬▬▬ ▬▬▬▬▬ ▬▬▬▬▬▬ ▬▬▬ ▬▬▬▬▬▬▬▬ ▬▬ ▬▬▬▬ ▬▬▬▬▬▬▬ ▬▬▬ ▬▬▬▬▬ ▬▬▬▬▬ ▬▬▬▬▬▬ ▬▬▬▬ ▬▬▬ ▬▬▬▬▬▬▬ ▬▬ ▬▬▬▬ ▬▬▬▬▬ ▬▬▬▬▬▬▬▬ ▬▬▬ ▬▬▬▬ ▬▬▬▬▬▬ ▬▬ ▬▬▬▬▬▬▬ ▬▬▬▬ ▬▬▬▬▬ ▬▬▬▬▬▬ ▬▬▬ ▬▬▬▬▬▬▬▬ ▬▬ ▬▬▬▬ ▬▬▬▬▬▬▬ ▬▬▬ ▬▬▬▬▬ ▬▬▬▬▬ ▬▬▬▬▬▬ ▬▬▬▬ ▬▬▬ ▬▬▬▬▬▬▬ ▬▬ ▬▬▬▬ ▬▬▬▬▬ ▬▬▬▬▬▬▬▬ ▬▬▬ ▬▬▬▬ ▬▬▬▬▬▬ ▬▬ ▬▬▬▬▬▬▬ ▬▬▬▬ ▬▬▬▬▬ ▬▬▬▬▬▬ ▬▬▬ ▬▬▬▬▬▬▬▬ ▬▬ ▬▬▬▬ ▬▬▬▬▬▬▬ ▬▬▬ ▬▬▬▬▬ ▬▬▬▬▬ ▬▬▬▬▬▬ ▬▬▬▬ ▬▬▬ ▬▬▬▬▬▬▬ ▬▬ ▬▬▬▬ ▬▬▬▬▬ ▬▬▬▬▬▬▬▬ ▬▬▬ ▬▬▬▬ ▬▬▬▬▬▬ ▬▬ ▬▬▬▬▬▬▬ ▬▬▬▬ ▬▬▬▬▬ ▬▬▬▬▬▬ ▬▬▬ ▬▬▬▬▬▬▬▬ ▬▬ ▬▬▬▬ ▬▬▬▬▬▬▬ ▬▬▬ ▬▬▬▬▬ ▬▬▬▬▬ ▬▬▬▬▬▬ ▬▬▬▬ ▬▬▬ ▬▬▬▬▬▬▬ ▬▬ ▬▬▬▬ ▬▬▬▬▬ ▬▬▬▬▬▬▬▬ ▬▬▬ ▬▬▬▬ ▬▬▬▬▬▬ ▬▬ ▬▬▬▬▬▬▬ ▬▬▬▬ ▬▬▬▬▬ ▬▬▬▬▬▬ ▬▬▬ ▬▬▬▬▬▬▬▬ ▬▬ ▬▬▬▬ ▬▬▬▬▬▬▬ ▬▬▬ ▬▬▬▬▬ ▬▬▬▬▬ ▬▬▬▬▬▬ ▬▬▬▬ ▬▬▬ ▬▬▬▬▬▬▬ ▬▬ ▬▬▬▬ ▬▬▬▬▬ ▬▬▬▬▬▬▬▬ ▬▬▬ ▬▬▬▬ ▬▬▬▬▬▬ ▬▬ ▬▬▬▬▬▬▬ ▬▬▬▬ ▬▬▬▬▬ ▬▬▬▬▬▬
■霍奥袋到健康
▬▬▬ ▬▬▬▬▬▬ ▬▬▬ ▬▬▬▬ ▬▬▬▬▬▬▬ ▬▬ ▬▬▬▬▬ ▬▬▬▬▬▬▬▬ ▬▬▬ ▬▬▬▬▬ ▬▬▬▬ ▬▬▬▬▬▬ ▬▬ ▬▬▬▬▬▬ ▬▬▬▬▬ ▬▬▬▬▬▬▬ ▬▬▬ ▬▬▬▬ ▬▬▬▬▬ ▬▬▬▬▬▬ ▬▬▬ ▬▬▬▬▬▬▬▬ ▬▬ ▬▬▬▬ ▬▬▬▬▬▬▬ ▬▬▬ ▬▬▬▬▬ ▬▬▬▬▬ ▬▬▬▬▬▬ ▬▬▬▬ ▬▬▬ ▬▬▬▬▬▬▬ ▬▬ ▬▬▬▬ ▬▬▬▬▬ ▬▬▬▬▬▬▬▬ ▬▬▬ ▬▬▬▬ ▬▬▬▬▬▬ ▬▬ ▬▬▬▬▬▬▬ ▬▬▬▬ ▬▬▬▬▬ ▬▬▬▬▬▬ ▬▬▬ ▬▬▬▬▬▬▬▬ ▬▬ ▬▬▬▬ ▬▬▬▬▬▬▬ ▬▬▬ ▬▬▬▬▬ ▬▬▬▬▬ ▬▬▬▬▬▬ ▬▬▬▬ ▬▬▬ ▬▬▬▬▬▬▬ ▬▬ ▬▬▬▬ ▬▬▬▬▬ ▬▬▬▬▬▬▬▬ ▬▬▬ ▬▬▬▬ ▬▬▬▬▬▬ ▬▬ ▬▬▬▬▬▬▬ ▬▬▬▬ ▬▬▬▬▬ ▬▬▬▬▬▬ ▬▬▬ ▬▬▬▬▬▬▬▬ ▬▬ ▬▬▬▬ ▬▬▬▬▬▬▬ ▬▬▬ ▬▬▬▬▬ ▬▬▬▬▬ ▬▬▬▬▬▬ ▬▬▬▬ ▬▬▬ ▬▬▬▬▬▬▬ ▬▬ ▬▬▬▬ ▬▬▬▬▬ ▬▬▬▬▬▬▬▬ ▬▬▬ ▬▬▬▬ ▬▬▬▬▬▬ ▬▬ ▬▬▬▬▬▬▬ ▬▬▬▬ ▬▬▬▬▬ ▬▬▬▬▬▬ ▬▬▬ ▬▬▬▬▬▬▬▬ ▬▬ ▬▬▬▬ ▬▬▬▬▬▬▬ ▬▬▬ ▬▬▬▬▬ ▬▬▬▬▬ ▬▬▬▬▬▬ ▬▬▬▬ ▬▬▬ ▬▬▬▬▬▬▬ ▬▬ ▬▬▬▬ ▬▬▬▬▬ ▬▬▬▬▬▬▬▬ ▬▬▬ ▬▬▬▬ ▬▬▬▬▬▬ ▬▬ ▬▬▬▬▬▬▬ ▬▬▬▬ ▬▬▬▬▬ ▬▬▬▬▬▬ ▬▬▬ ▬▬▬▬▬▬▬▬ ▬▬ ▬▬▬▬ ▬▬▬▬▬▬▬ ▬▬▬ ▬▬▬▬▬ ▬▬▬▬▬ ▬▬▬▬▬▬ ▬▬▬▬ ▬▬▬ ▬▬▬▬▬▬▬ ▬▬ ▬▬▬▬ ▬▬▬▬▬ ▬▬▬▬▬▬▬▬ ▬▬▬ ▬▬▬▬ ▬▬▬▬▬▬ ▬▬ ▬▬▬▬▬▬▬ ▬▬▬▬ ▬▬▬▬▬ ▬▬▬▬▬▬ ▬▬▬ ▬▬▬▬▬▬▬▬ ▬▬ ▬▬▬▬ ▬▬▬▬▬▬▬ ▬▬▬ ▬▬▬▬▬ ▬▬▬▬▬ ▬▬▬▬▬▬ ▬▬▬▬ ▬▬▬ ▬▬▬▬▬▬▬ ▬▬ ▬▬▬▬ ▬▬▬▬▬ ▬▬▬▬▬▬▬▬ ▬▬▬ ▬▬▬▬ ▬▬▬▬▬▬ ▬▬ ▬▬▬▬▬▬▬ ▬▬▬▬ ▬▬▬▬▬ ▬▬▬▬▬▬
■心好关节
▬▬▬ ▬▬▬▬▬▬ ▬▬▬ ▬▬▬▬ ▬▬▬▬▬▬▬ ▬▬ ▬▬▬▬▬ ▬▬▬▬▬▬▬▬ ▬▬▬ ▬▬▬▬▬ ▬▬▬▬ ▬▬▬▬▬▬ ▬▬ ▬▬▬▬▬▬ ▬▬▬▬▬ ▬▬▬▬▬▬▬ ▬▬▬ ▬▬▬▬ ▬▬▬▬▬ ▬▬▬▬▬▬ ▬▬▬ ▬▬▬▬▬▬▬▬ ▬▬ ▬▬▬▬ ▬▬▬▬▬▬▬ ▬▬▬ ▬▬▬▬▬ ▬▬▬▬▬ ▬▬▬▬▬▬ ▬▬▬▬ ▬▬▬ ▬▬▬▬▬▬▬ ▬▬ ▬▬▬▬ ▬▬▬▬▬ ▬▬▬▬▬▬▬▬ ▬▬▬ ▬▬▬▬ ▬▬▬▬▬▬ ▬▬ ▬▬▬▬▬▬▬ ▬▬▬▬ ▬▬▬▬▬ ▬▬▬▬▬▬ ▬▬▬ ▬▬▬▬▬▬▬▬ ▬▬ ▬▬▬▬ ▬▬▬▬▬▬▬ ▬▬▬ ▬▬▬▬▬ ▬▬▬▬▬ ▬▬▬▬▬▬ ▬▬▬▬ ▬▬▬ ▬▬▬▬▬▬▬ ▬▬ ▬▬▬▬ ▬▬▬▬▬ ▬▬▬▬▬▬▬▬ ▬▬▬ ▬▬▬▬ ▬▬▬▬▬▬ ▬▬ ▬▬▬▬▬▬▬ ▬▬▬▬ ▬▬▬▬▬ ▬▬▬▬▬▬ ▬▬▬ ▬▬▬▬▬▬▬▬ ▬▬ ▬▬▬▬ ▬▬▬▬▬▬▬ ▬▬▬ ▬▬▬▬▬ ▬▬▬▬▬ ▬▬▬▬▬▬ ▬▬▬▬ ▬▬▬ ▬▬▬▬▬▬▬ ▬▬ ▬▬▬▬ ▬▬▬▬▬ ▬▬▬▬▬▬▬▬ ▬▬▬ ▬▬▬▬ ▬▬▬▬▬▬ ▬▬ ▬▬▬▬▬▬▬ ▬▬▬▬ ▬▬▬▬▬ ▬▬▬▬▬▬ ▬▬▬ ▬▬▬▬▬▬▬▬ ▬▬ ▬▬▬▬ ▬▬▬▬▬▬▬ ▬▬▬ ▬▬▬▬▬ ▬▬▬▬▬ ▬▬▬▬▬▬ ▬▬▬▬ ▬▬▬ ▬▬▬▬▬▬▬ ▬▬ ▬▬▬▬ ▬▬▬▬▬ ▬▬▬▬▬▬▬▬ ▬▬▬ ▬▬▬▬ ▬▬▬▬▬▬ ▬▬ ▬▬▬▬▬▬▬ ▬▬▬▬ ▬▬▬▬▬ ▬▬▬▬▬▬ ▬▬▬ ▬▬▬▬▬▬▬▬ ▬▬ ▬▬▬▬ ▬▬▬▬▬▬▬ ▬▬▬ ▬▬▬▬▬ ▬▬▬▬▬ ▬▬▬▬▬▬ ▬▬▬▬ ▬▬▬ ▬▬▬▬▬▬▬ ▬▬ ▬▬▬▬ ▬▬▬▬▬ ▬▬▬▬▬▬▬▬ ▬▬▬ ▬▬▬▬ ▬▬▬▬▬▬ ▬▬ ▬▬▬▬▬▬▬ ▬▬▬▬ ▬▬▬▬▬ ▬▬▬▬▬▬ ▬▬▬ ▬▬▬▬▬▬▬▬ ▬▬ ▬▬▬▬ ▬▬▬▬▬▬▬ ▬▬▬ ▬▬▬▬▬ ▬▬▬▬▬ ▬▬▬▬▬▬ ▬▬▬▬ ▬▬▬ ▬▬▬▬▬▬▬ ▬▬ ▬▬▬▬ ▬▬▬▬▬ ▬▬▬▬▬▬▬▬ ▬▬▬ ▬▬▬▬ ▬▬▬▬▬▬ ▬▬ ▬▬▬▬▬▬▬ ▬▬▬▬ ▬▬▬▬▬ ▬▬▬▬▬▬
■锻炼加热器
▬▬▬ ▬▬▬▬▬▬ ▬▬▬ ▬▬▬▬ ▬▬▬▬▬▬▬ ▬▬ ▬▬▬▬▬ ▬▬▬▬▬▬▬▬ ▬▬▬ ▬▬▬▬▬ ▬▬▬▬ ▬▬▬▬▬▬ ▬▬ ▬▬▬▬▬▬ ▬▬▬▬▬ ▬▬▬▬▬▬▬ ▬▬▬ ▬▬▬▬ ▬▬▬▬▬ ▬▬▬▬▬▬ ▬▬▬ ▬▬▬▬▬▬▬▬ ▬▬ ▬▬▬▬ ▬▬▬▬▬▬▬ ▬▬▬ ▬▬▬▬▬ ▬▬▬▬▬ ▬▬▬▬▬▬ ▬▬▬▬ ▬▬▬ ▬▬▬▬▬▬▬ ▬▬ ▬▬▬▬ ▬▬▬▬▬ ▬▬▬▬▬▬▬▬ ▬▬▬ ▬▬▬▬ ▬▬▬▬▬▬ ▬▬ ▬▬▬▬▬▬▬ ▬▬▬▬ ▬▬▬▬▬ ▬▬▬▬▬▬ ▬▬▬ ▬▬▬▬▬▬▬▬ ▬▬ ▬▬▬▬ ▬▬▬▬▬▬▬ ▬▬▬ ▬▬▬▬▬ ▬▬▬▬▬ ▬▬▬▬▬▬ ▬▬▬▬ ▬▬▬ ▬▬▬▬▬▬▬ ▬▬ ▬▬▬▬ ▬▬▬▬▬ ▬▬▬▬▬▬▬▬ ▬▬▬ ▬▬▬▬ ▬▬▬▬▬▬ ▬▬ ▬▬▬▬▬▬▬ ▬▬▬▬ ▬▬▬▬▬ ▬▬▬▬▬▬ ▬▬▬ ▬▬▬▬▬▬▬▬ ▬▬ ▬▬▬▬ ▬▬▬▬▬▬▬ ▬▬▬ ▬▬▬▬▬ ▬▬▬▬▬ ▬▬▬▬▬▬ ▬▬▬▬ ▬▬▬ ▬▬▬▬▬▬▬ ▬▬ ▬▬▬▬ ▬▬▬▬▬ ▬▬▬▬▬▬▬▬ ▬▬▬ ▬▬▬▬ ▬▬▬▬▬▬ ▬▬ ▬▬▬▬▬▬▬ ▬▬▬▬ ▬▬▬▬▬ ▬▬▬▬▬▬ ▬▬▬ ▬▬▬▬▬▬▬▬ ▬▬ ▬▬▬▬ ▬▬▬▬▬▬▬ ▬▬▬ ▬▬▬▬▬ ▬▬▬▬▬ ▬▬▬▬▬▬ ▬▬▬▬ ▬▬▬ ▬▬▬▬▬▬▬ ▬▬ ▬▬▬▬ ▬▬▬▬▬ ▬▬▬▬▬▬▬▬ ▬▬▬ ▬▬▬▬ ▬▬▬▬▬▬ ▬▬ ▬▬▬▬▬▬▬ ▬▬▬▬ ▬▬▬▬▬ ▬▬▬▬▬▬ ▬▬▬ ▬▬▬▬▬▬▬▬ ▬▬ ▬▬▬▬ ▬▬▬▬▬▬▬ ▬▬▬ ▬▬▬▬▬ ▬▬▬▬▬ ▬▬▬▬▬▬ ▬▬▬▬ ▬▬▬ ▬▬▬▬▬▬▬ ▬▬ ▬▬▬▬ ▬▬▬▬▬ ▬▬▬▬▬▬▬▬ ▬▬▬ ▬▬▬▬ ▬▬▬▬▬▬ ▬▬ ▬▬▬▬▬▬▬ ▬▬▬▬ ▬▬▬▬▬ ▬▬▬▬▬▬ ▬▬▬ ▬▬▬▬▬▬▬▬ ▬▬ ▬▬▬▬ ▬▬▬▬▬▬▬ ▬▬▬ ▬▬▬▬▬ ▬▬▬▬▬ ▬▬▬▬▬▬ ▬▬▬▬ ▬▬▬ ▬▬▬▬▬▬▬ ▬▬ ▬▬▬▬ ▬▬▬▬▬ ▬▬▬▬▬▬▬▬ ▬▬▬ ▬▬▬▬ ▬▬▬▬▬▬ ▬▬ ▬▬▬▬▬▬▬ ▬▬▬▬ ▬▬▬▬▬ ▬▬▬▬▬▬
■可感受周遭的 VR 眼镜
▬▬▬ ▬▬▬▬▬▬ ▬▬▬ ▬▬▬▬ ▬▬▬▬▬▬▬ ▬▬ ▬▬▬▬▬ ▬▬▬▬▬▬▬▬ ▬▬▬ ▬▬▬▬▬ ▬▬▬▬ ▬▬▬▬▬▬ ▬▬ ▬▬▬▬▬▬ ▬▬▬▬▬ ▬▬▬▬▬▬▬ ▬▬▬ ▬▬▬▬ ▬▬▬▬▬ ▬▬▬▬▬▬ ▬▬▬ ▬▬▬▬▬▬▬▬ ▬▬ ▬▬▬▬ ▬▬▬▬▬▬▬ ▬▬▬ ▬▬▬▬▬ ▬▬▬▬▬ ▬▬▬▬▬▬ ▬▬▬▬ ▬▬▬ ▬▬▬▬▬▬▬ ▬▬ ▬▬▬▬ ▬▬▬▬▬ ▬▬▬▬▬▬▬▬ ▬▬▬ ▬▬▬▬ ▬▬▬▬▬▬ ▬▬ ▬▬▬▬▬▬▬ ▬▬▬▬ ▬▬▬▬▬ ▬▬▬▬▬▬ ▬▬▬ ▬▬▬▬▬▬▬▬ ▬▬ ▬▬▬▬ ▬▬▬▬▬▬▬ ▬▬▬ ▬▬▬▬▬ ▬▬▬▬▬ ▬▬▬▬▬▬ ▬▬▬▬ ▬▬▬ ▬▬▬▬▬▬▬ ▬▬ ▬▬▬▬ ▬▬▬▬▬ ▬▬▬▬▬▬▬▬ ▬▬▬ ▬▬▬▬ ▬▬▬▬▬▬ ▬▬ ▬▬▬▬▬▬▬ ▬▬▬▬ ▬▬▬▬▬ ▬▬▬▬▬▬ ▬▬▬ ▬▬▬▬▬▬▬▬ ▬▬ ▬▬▬▬ ▬▬▬▬▬▬▬ ▬▬▬ ▬▬▬▬▬ ▬▬▬▬▬ ▬▬▬▬▬▬ ▬▬▬▬ ▬▬▬ ▬▬▬▬▬▬▬ ▬▬ ▬▬▬▬ ▬▬▬▬▬ ▬▬▬▬▬▬▬▬ ▬▬▬ ▬▬▬▬ ▬▬▬▬▬▬ ▬▬ ▬▬▬▬▬▬▬ ▬▬▬▬ ▬▬▬▬▬ ▬▬▬▬▬▬ ▬▬▬ ▬▬▬▬▬▬▬▬ ▬▬ ▬▬▬▬ ▬▬▬▬▬▬▬ ▬▬▬ ▬▬▬▬▬ ▬▬▬▬▬ ▬▬▬▬▬▬ ▬▬▬▬ ▬▬▬ ▬▬▬▬▬▬▬ ▬▬ ▬▬▬▬ ▬▬▬▬▬ ▬▬▬▬▬▬▬▬ ▬▬▬ ▬▬▬▬ ▬▬▬▬▬▬ ▬▬ ▬▬▬▬▬▬▬ ▬▬▬▬ ▬▬▬▬▬ ▬▬▬▬▬▬ ▬▬▬ ▬▬▬▬▬▬▬▬ ▬▬ ▬▬▬▬ ▬▬▬▬▬▬▬ ▬▬▬ ▬▬▬▬▬ ▬▬▬▬▬ ▬▬▬▬▬▬ ▬▬▬▬ ▬▬▬ ▬▬▬▬▬▬▬ ▬▬ ▬▬▬▬ ▬▬▬▬▬ ▬▬▬▬▬▬▬▬ ▬▬▬ ▬▬▬▬ ▬▬▬▬▬▬ ▬▬ ▬▬▬▬▬▬▬ ▬▬▬▬ ▬▬▬▬▬ ▬▬▬▬▬▬ ▬▬▬ ▬▬▬▬▬▬▬▬ ▬▬ ▬▬▬▬ ▬▬▬▬▬▬▬ ▬▬▬ ▬▬▬▬▬ ▬▬▬▬▬ ▬▬▬▬▬▬ ▬▬▬▬ ▬▬▬ ▬▬▬▬▬▬▬ ▬▬ ▬▬▬▬ ▬▬▬▬▬ ▬▬▬▬▬▬▬▬ ▬▬▬ ▬▬▬▬ ▬▬▬▬▬▬ ▬▬ ▬▬▬▬▬▬▬ ▬▬▬▬ ▬▬▬▬▬ ▬▬▬▬▬▬
■车载防摔
▬▬▬ ▬▬▬▬▬▬ ▬▬▬ ▬▬▬▬ ▬▬▬▬▬▬▬ ▬▬ ▬▬▬▬▬ ▬▬▬▬▬▬▬▬ ▬▬▬ ▬▬▬▬▬ ▬▬▬▬ ▬▬▬▬▬▬ ▬▬ ▬▬▬▬▬▬ ▬▬▬▬▬ ▬▬▬▬▬▬▬ ▬▬▬ ▬▬▬▬ ▬▬▬▬▬ ▬▬▬▬▬▬ ▬▬▬ ▬▬▬▬▬▬▬▬ ▬▬ ▬▬▬▬ ▬▬▬▬▬▬▬ ▬▬▬ ▬▬▬▬▬ ▬▬▬▬▬ ▬▬▬▬▬▬ ▬▬▬▬ ▬▬▬ ▬▬▬▬▬▬▬ ▬▬ ▬▬▬▬ ▬▬▬▬▬ ▬▬▬▬▬▬▬▬ ▬▬▬ ▬▬▬▬ ▬▬▬▬▬▬ ▬▬ ▬▬▬▬▬▬▬ ▬▬▬▬ ▬▬▬▬▬ ▬▬▬▬▬▬ ▬▬▬ ▬▬▬▬▬▬▬▬ ▬▬ ▬▬▬▬ ▬▬▬▬▬▬▬ ▬▬▬ ▬▬▬▬▬ ▬▬▬▬▬ ▬▬▬▬▬▬ ▬▬▬▬ ▬▬▬ ▬▬▬▬▬▬▬ ▬▬ ▬▬▬▬ ▬▬▬▬▬ ▬▬▬▬▬▬▬▬ ▬▬▬ ▬▬▬▬ ▬▬▬▬▬▬ ▬▬ ▬▬▬▬▬▬▬ ▬▬▬▬ ▬▬▬▬▬ ▬▬▬▬▬▬ ▬▬▬ ▬▬▬▬▬▬▬▬ ▬▬ ▬▬▬▬ ▬▬▬▬▬▬▬ ▬▬▬ ▬▬▬▬▬ ▬▬▬▬▬ ▬▬▬▬▬▬ ▬▬▬▬ ▬▬▬ ▬▬▬▬▬▬▬ ▬▬ ▬▬▬▬ ▬▬▬▬▬ ▬▬▬▬▬▬▬▬ ▬▬▬ ▬▬▬▬ ▬▬▬▬▬▬ ▬▬ ▬▬▬▬▬▬▬ ▬▬▬▬ ▬▬▬▬▬ ▬▬▬▬▬▬ ▬▬▬ ▬▬▬▬▬▬▬▬ ▬▬ ▬▬▬▬ ▬▬▬▬▬▬▬ ▬▬▬ ▬▬▬▬▬ ▬▬▬▬▬ ▬▬▬▬▬▬ ▬▬▬▬ ▬▬▬ ▬▬▬▬▬▬▬ ▬▬ ▬▬▬▬ ▬▬▬▬▬ ▬▬▬▬▬▬▬▬ ▬▬▬ ▬▬▬▬ ▬▬▬▬▬▬ ▬▬ ▬▬▬▬▬▬▬ ▬▬▬▬ ▬▬▬▬▬ ▬▬▬▬▬▬ ▬▬▬ ▬▬▬▬▬▬▬▬ ▬▬ ▬▬▬▬ ▬▬▬▬▬▬▬ ▬▬▬ ▬▬▬▬▬ ▬▬▬▬▬ ▬▬▬▬▬▬ ▬▬▬▬ ▬▬▬ ▬▬▬▬▬▬▬ ▬▬ ▬▬▬▬ ▬▬▬▬▬ ▬▬▬▬▬▬▬▬ ▬▬▬ ▬▬▬▬ ▬▬▬▬▬▬ ▬▬ ▬▬▬▬▬▬▬ ▬▬▬▬ ▬▬▬▬▬ ▬▬▬▬▬▬ ▬▬▬ ▬▬▬▬▬▬▬▬ ▬▬ ▬▬▬▬ ▬▬▬▬▬▬▬ ▬▬▬ ▬▬▬▬▬ ▬▬▬▬▬ ▬▬▬▬▬▬ ▬▬▬▬ ▬▬▬ ▬▬▬▬▬▬▬ ▬▬ ▬▬▬▬ ▬▬▬▬▬ ▬▬▬▬▬▬▬▬ ▬▬▬ ▬▬▬▬ ▬▬▬▬▬▬ ▬▬ ▬▬▬▬▬▬▬ ▬▬▬▬ ▬▬▬▬▬ ▬▬▬▬▬▬
■可重复使用的吸油海绵
▬▬▬ ▬▬▬▬▬▬ ▬▬▬ ▬▬▬▬ ▬▬▬▬▬▬▬ ▬▬ ▬▬▬▬▬ ▬▬▬▬▬▬▬▬ ▬▬▬ ▬▬▬▬▬ ▬▬▬▬ ▬▬▬▬▬▬ ▬▬ ▬▬▬▬▬▬ ▬▬▬▬▬ ▬▬▬▬▬▬▬ ▬▬▬ ▬▬▬▬ ▬▬▬▬▬ ▬▬▬▬▬▬ ▬▬▬ ▬▬▬▬▬▬▬▬ ▬▬ ▬▬▬▬ ▬▬▬▬▬▬▬ ▬▬▬ ▬▬▬▬▬ ▬▬▬▬▬ ▬▬▬▬▬▬ ▬▬▬▬ ▬▬▬ ▬▬▬▬▬▬▬ ▬▬ ▬▬▬▬ ▬▬▬▬▬ ▬▬▬▬▬▬▬▬ ▬▬▬ ▬▬▬▬ ▬▬▬▬▬▬ ▬▬ ▬▬▬▬▬▬▬ ▬▬▬▬ ▬▬▬▬▬ ▬▬▬▬▬▬ ▬▬▬ ▬▬▬▬▬▬▬▬ ▬▬ ▬▬▬▬ ▬▬▬▬▬▬▬ ▬▬▬ ▬▬▬▬▬ ▬▬▬▬▬ ▬▬▬▬▬▬ ▬▬▬▬ ▬▬▬ ▬▬▬▬▬▬▬ ▬▬ ▬▬▬▬ ▬▬▬▬▬ ▬▬▬▬▬▬▬▬ ▬▬▬ ▬▬▬▬ ▬▬▬▬▬▬ ▬▬ ▬▬▬▬▬▬▬ ▬▬▬▬ ▬▬▬▬▬ ▬▬▬▬▬▬ ▬▬▬ ▬▬▬▬▬▬▬▬ ▬▬ ▬▬▬▬ ▬▬▬▬▬▬▬ ▬▬▬ ▬▬▬▬▬ ▬▬▬▬▬ ▬▬▬▬▬▬ ▬▬▬▬ ▬▬▬ ▬▬▬▬▬▬▬ ▬▬ ▬▬▬▬ ▬▬▬▬▬ ▬▬▬▬▬▬▬▬ ▬▬▬ ▬▬▬▬ ▬▬▬▬▬▬ ▬▬ ▬▬▬▬▬▬▬ ▬▬▬▬ ▬▬▬▬▬ ▬▬▬▬▬▬ ▬▬▬ ▬▬▬▬▬▬▬▬ ▬▬ ▬▬▬▬ ▬▬▬▬▬▬▬ ▬▬▬ ▬▬▬▬▬ ▬▬▬▬▬ ▬▬▬▬▬▬ ▬▬▬▬ ▬▬▬ ▬▬▬▬▬▬▬ ▬▬ ▬▬▬▬ ▬▬▬▬▬ ▬▬▬▬▬▬▬▬ ▬▬▬ ▬▬▬▬ ▬▬▬▬▬▬ ▬▬ ▬▬▬▬▬▬▬ ▬▬▬▬ ▬▬▬▬▬ ▬▬▬▬▬▬ ▬▬▬ ▬▬▬▬▬▬▬▬ ▬▬ ▬▬▬▬ ▬▬▬▬▬▬▬ ▬▬▬ ▬▬▬▬▬ ▬▬▬▬▬ ▬▬▬▬▬▬ ▬▬▬▬ ▬▬▬ ▬▬▬▬▬▬▬ ▬▬ ▬▬▬▬ ▬▬▬▬▬ ▬▬▬▬▬▬▬▬ ▬▬▬ ▬▬▬▬ ▬▬▬▬▬▬ ▬▬ ▬▬▬▬▬▬▬ ▬▬▬▬ ▬▬▬▬▬ ▬▬▬▬▬▬ ▬▬▬ ▬▬▬▬▬▬▬▬ ▬▬ ▬▬▬▬ ▬▬▬▬▬▬▬ ▬▬▬ ▬▬▬▬▬ ▬▬▬▬▬ ▬▬▬▬▬▬ ▬▬▬▬ ▬▬▬ ▬▬▬▬▬▬▬ ▬▬ ▬▬▬▬ ▬▬▬▬▬ ▬▬▬▬▬▬▬▬ ▬▬▬ ▬▬▬▬ ▬▬▬▬▬▬ ▬▬ ▬▬▬▬▬▬▬ ▬▬▬▬ ▬▬▬▬▬ ▬▬▬▬▬▬
(本期相关报道图片来源网络)
地址: 北京市海淀区中关村南一条 33 号	邮政编码: 100190 编辑部电话: (010)62580699	广告部电话: (010)62580707	发行部电话: (010)62580889	零售价: 1.50 元 年价: 288 元	本报社印刷厂印刷
